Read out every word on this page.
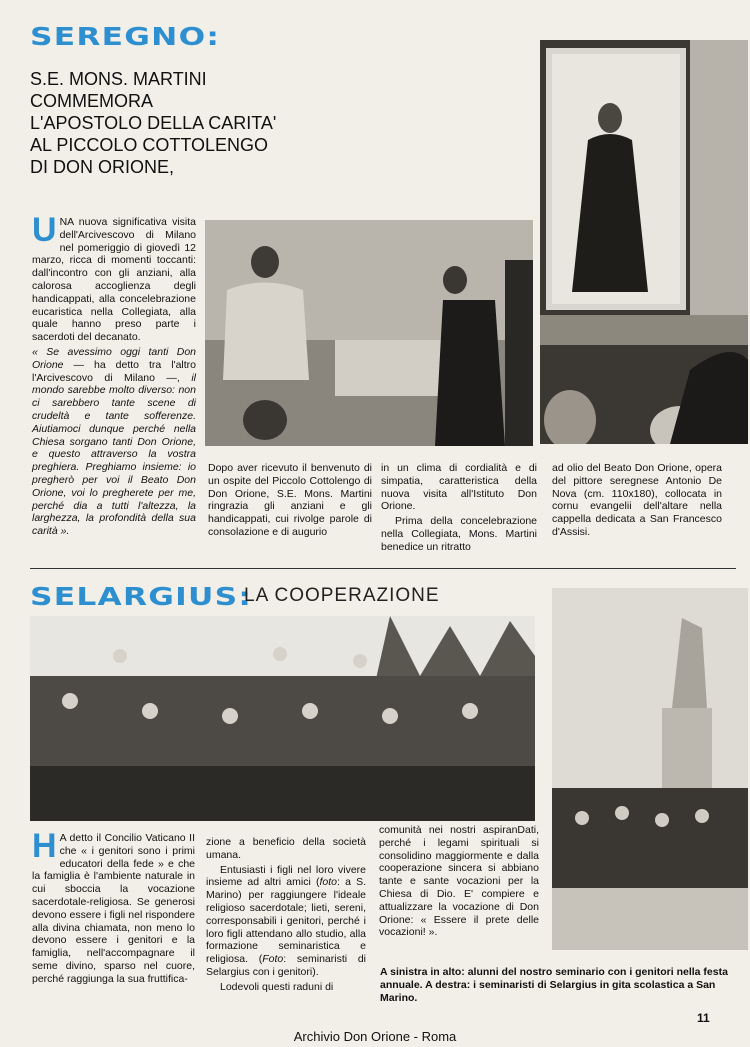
SEREGNO:
S.E. MONS. MARTINI
COMMEMORA
L'APOSTOLO DELLA CARITA'
AL PICCOLO COTTOLENGO
DI DON ORIONE,

UNA nuova significativa visita dell'Arcivescovo di Milano nel pomeriggio di giovedì 12 marzo, ricca di momenti toccanti: dall'incontro con gli anziani, alla calorosa accoglienza degli handicappati, alla concelebrazione eucaristica nella Collegiata, alla quale hanno preso parte i sacerdoti del decanato.

« Se avessimo oggi tanti Don Orione — ha detto tra l'altro l'Arcivescovo di Milano —, il mondo sarebbe molto diverso: non ci sarebbero tante scene di crudeltà e tante sofferenze. Aiutiamoci dunque perché nella Chiesa sorgano tanti Don Orione, e questo attraverso la vostra preghiera. Preghiamo insieme: io pregherò per voi il Beato Don Orione, voi lo pregherete per me, perché dia a tutti l'altezza, la larghezza, la profondità della sua carità ».

Dopo aver ricevuto il benvenuto di un ospite del Piccolo Cottolengo di Don Orione, S.E. Mons. Martini ringrazia gli anziani e gli handicappati, cui rivolge parole di consolazione e di augurio

in un clima di cordialità e di simpatia, caratteristica della nuova visita all'Istituto Don Orione.

Prima della concelebrazione nella Collegiata, Mons. Martini benedice un ritratto

ad olio del Beato Don Orione, opera del pittore seregnese Antonio De Nova (cm. 110x180), collocata in cornu evangelii dell'altare nella cappella dedicata a San Francesco d'Assisi.

SELARGIUS:
LA COOPERAZIONE

H A detto il Concilio Vaticano II che « i genitori sono i primi educatori della fede » e che la famiglia è l'ambiente naturale in cui sboccia la vocazione sacerdotale-religiosa. Se generosi devono essere i figli nel rispondere alla divina chiamata, non meno lo devono essere i genitori e la famiglia, nell'accompagnare il seme divino, sparso nel cuore, perché raggiunga la sua fruttifica-

zione a beneficio della società umana.

Entusiasti i figli nel loro vivere insieme ad altri amici (foto: a S. Marino) per raggiungere l'ideale religioso sacerdotale; lieti, sereni, corresponsabili i genitori, perché i loro figli attendano allo studio, alla formazione seminaristica e religiosa. (Foto: seminaristi di Selargius con i genitori).

Lodevoli questi raduni di

comunità nei nostri aspiranDati, perché i legami spirituali si consolidino maggiormente e dalla cooperazione sincera si abbiano tante e sante vocazioni per la Chiesa di Dio. E' compiere e attualizzare la vocazione di Don Orione: « Essere il prete delle vocazioni! ».

A sinistra in alto: alunni del nostro seminario con i genitori nella festa annuale. A destra: i seminaristi di Selargius in gita scolastica a San Marino.
11
Archivio Don Orione - Roma
